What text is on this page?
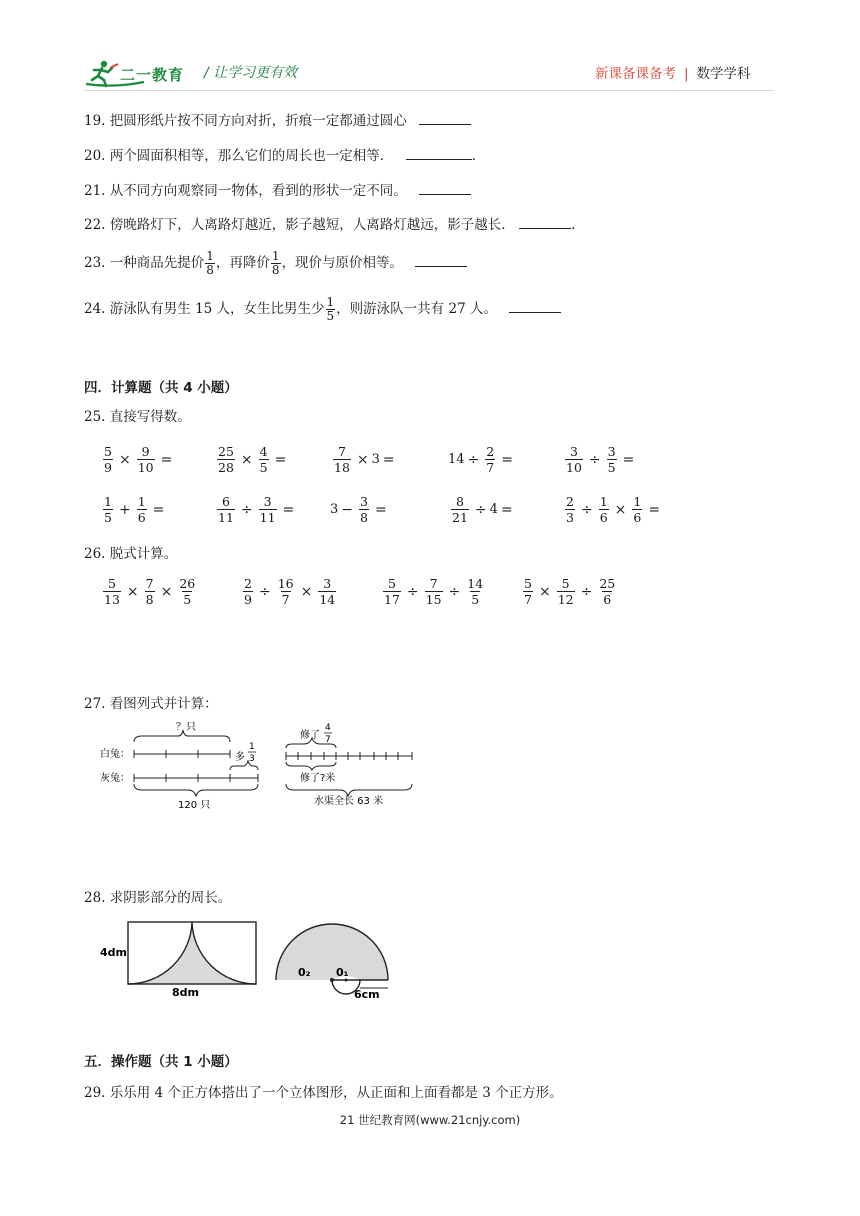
二一教育 / 让学习更有效	新课备课备考 | 数学学科
19. 把圆形纸片按不同方向对折，折痕一定都通过圆心
20. 两个圆面积相等，那么它们的周长也一定相等．	.
21. 从不同方向观察同一物体，看到的形状一定不同。
22. 傍晚路灯下，人离路灯越近，影子越短，人离路灯越远，影子越长．	.
23. 一种商品先提价 $\frac{1}{8}$ ，再降价 $\frac{1}{8}$ ，现价与原价相等。
24. 游泳队有男生 15 人，女生比男生少 $\frac{1}{5}$ ，则游泳队一共有 27 人。
四．计算题（共 4 小题）
25. 直接写得数。
$\frac{5}{9} \times \frac{9}{10}$ =	$\frac{25}{28} \times \frac{4}{5}$ =	$\frac{7}{18} \times 3$ =	$14 \div \frac{2}{7}$ =	$\frac{3}{10} \div \frac{3}{5}$ =
$\frac{1}{5} + \frac{1}{6}$ =	$\frac{6}{11} \div \frac{3}{11}$ =	$3 - \frac{3}{8}$ =	$\frac{8}{21} \div 4$ =	$\frac{2}{3} \div \frac{1}{6} \times \frac{1}{6}$ =
26. 脱式计算。
$\frac{5}{13} \times \frac{7}{8} \times \frac{26}{5}$	$\frac{2}{9} \div \frac{16}{7} \times \frac{3}{14}$	$\frac{5}{17} \div \frac{7}{15} \div \frac{14}{5}$	$\frac{5}{7} \times \frac{5}{12} \div \frac{25}{6}$
27. 看图列式并计算：
？只
白兔：
灰兔：
多
1
3
120 只
修了
4
7
修了?米
水渠全长 63 米
28. 求阴影部分的周长。
4dm
8dm
0₂ 0₁
6cm
五．操作题（共 1 小题）
29. 乐乐用 4 个正方体搭出了一个立体图形，从正面和上面看都是 3 个正方形。
21 世纪教育网(www.21cnjy.com)
